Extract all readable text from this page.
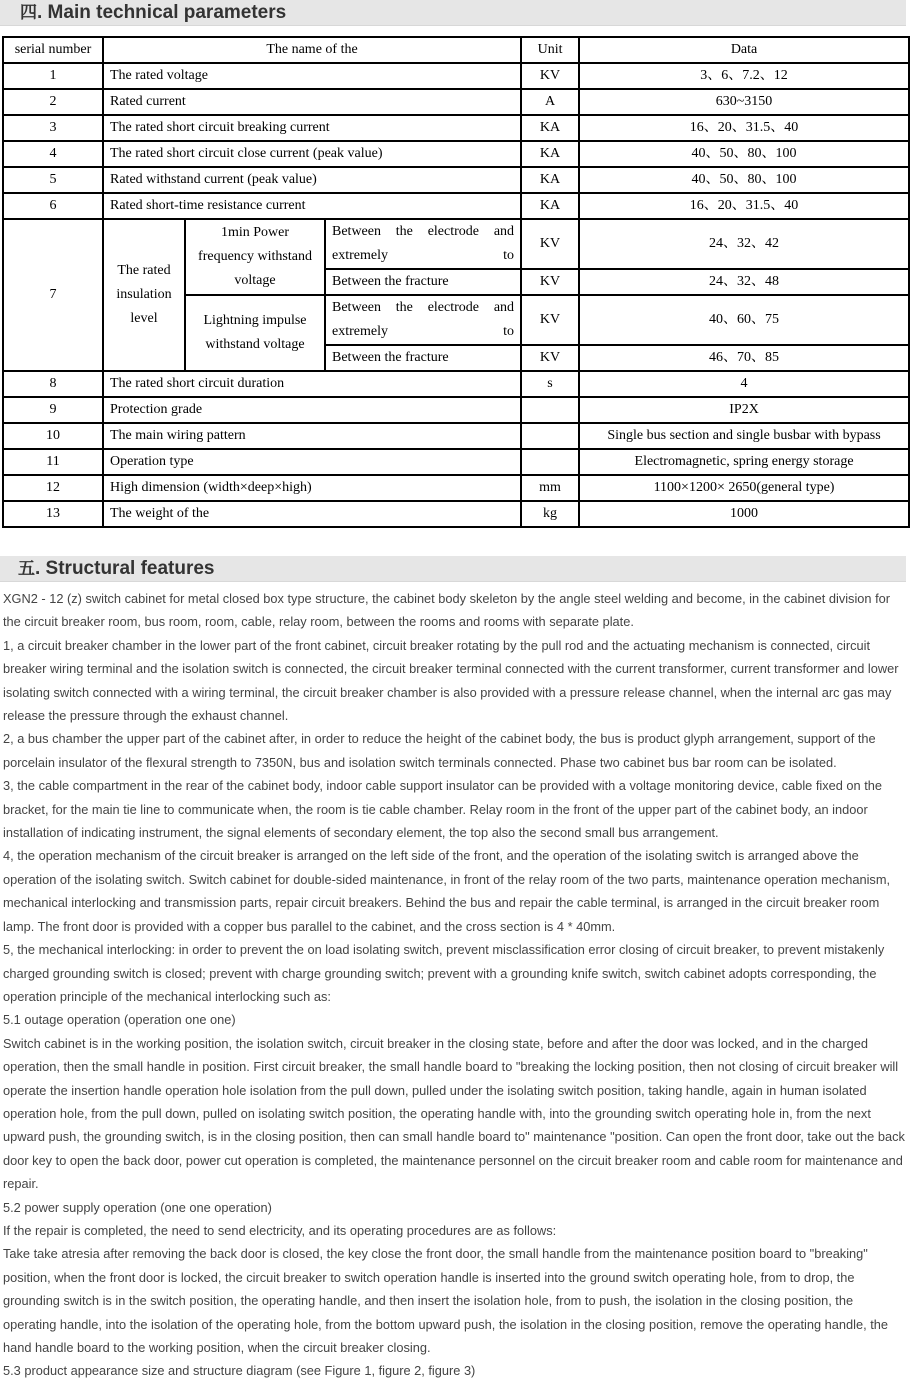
四. Main technical parameters
serial number	The name of the			Unit	Data
1	The rated voltage			KV	3、6、7.2、12
2	Rated current			A	630~3150
3	The rated short circuit breaking current			KA	16、20、31.5、40
4	The rated short circuit close current (peak value)			KA	40、50、80、100
5	Rated withstand current (peak value)			KA	40、50、80、100
6	Rated short-time resistance current			KA	16、20、31.5、40
7	The rated insulation level	1min Power frequency withstand voltage	Between the electrode and extremely to	KV	24、32、42
			Between the fracture	KV	24、32、48
		Lightning impulse withstand voltage	Between the electrode and extremely to	KV	40、60、75
			Between the fracture	KV	46、70、85
8	The rated short circuit duration			s	4
9	Protection grade				IP2X
10	The main wiring pattern				Single bus section and single busbar with bypass
11	Operation type				Electromagnetic, spring energy storage
12	High dimension (width×deep×high)			mm	1100×1200× 2650(general type)
13	The weight of the			kg	1000
五. Structural features

XGN2 - 12 (z) switch cabinet for metal closed box type structure, the cabinet body skeleton by the angle steel welding and become, in the cabinet division for the circuit breaker room, bus room, room, cable, relay room, between the rooms and rooms with separate plate.

1, a circuit breaker chamber in the lower part of the front cabinet, circuit breaker rotating by the pull rod and the actuating mechanism is connected, circuit breaker wiring terminal and the isolation switch is connected, the circuit breaker terminal connected with the current transformer, current transformer and lower isolating switch connected with a wiring terminal, the circuit breaker chamber is also provided with a pressure release channel, when the internal arc gas may release the pressure through the exhaust channel.

2, a bus chamber the upper part of the cabinet after, in order to reduce the height of the cabinet body, the bus is product glyph arrangement, support of the porcelain insulator of the flexural strength to 7350N, bus and isolation switch terminals connected. Phase two cabinet bus bar room can be isolated.

3, the cable compartment in the rear of the cabinet body, indoor cable support insulator can be provided with a voltage monitoring device, cable fixed on the bracket, for the main tie line to communicate when, the room is tie cable chamber. Relay room in the front of the upper part of the cabinet body, an indoor installation of indicating instrument, the signal elements of secondary element, the top also the second small bus arrangement.

4, the operation mechanism of the circuit breaker is arranged on the left side of the front, and the operation of the isolating switch is arranged above the operation of the isolating switch. Switch cabinet for double-sided maintenance, in front of the relay room of the two parts, maintenance operation mechanism, mechanical interlocking and transmission parts, repair circuit breakers. Behind the bus and repair the cable terminal, is arranged in the circuit breaker room lamp. The front door is provided with a copper bus parallel to the cabinet, and the cross section is 4 * 40mm.

5, the mechanical interlocking: in order to prevent the on load isolating switch, prevent misclassification error closing of circuit breaker, to prevent mistakenly charged grounding switch is closed; prevent with charge grounding switch; prevent with a grounding knife switch, switch cabinet adopts corresponding, the operation principle of the mechanical interlocking such as:

5.1 outage operation (operation one one)

Switch cabinet is in the working position, the isolation switch, circuit breaker in the closing state, before and after the door was locked, and in the charged operation, then the small handle in position. First circuit breaker, the small handle board to "breaking the locking position, then not closing of circuit breaker will operate the insertion handle operation hole isolation from the pull down, pulled under the isolating switch position, taking handle, again in human isolated operation hole, from the pull down, pulled on isolating switch position, the operating handle with, into the grounding switch operating hole in, from the next upward push, the grounding switch, is in the closing position, then can small handle board to" maintenance "position. Can open the front door, take out the back door key to open the back door, power cut operation is completed, the maintenance personnel on the circuit breaker room and cable room for maintenance and repair.

5.2 power supply operation (one one operation)

If the repair is completed, the need to send electricity, and its operating procedures are as follows:

Take take atresia after removing the back door is closed, the key close the front door, the small handle from the maintenance position board to "breaking" position, when the front door is locked, the circuit breaker to switch operation handle is inserted into the ground switch operating hole, from to drop, the grounding switch is in the switch position, the operating handle, and then insert the isolation hole, from to push, the isolation in the closing position, the operating handle, into the isolation of the operating hole, from the bottom upward push, the isolation in the closing position, remove the operating handle, the hand handle board to the working position, when the circuit breaker closing.

5.3 product appearance size and structure diagram (see Figure 1, figure 2, figure 3)
